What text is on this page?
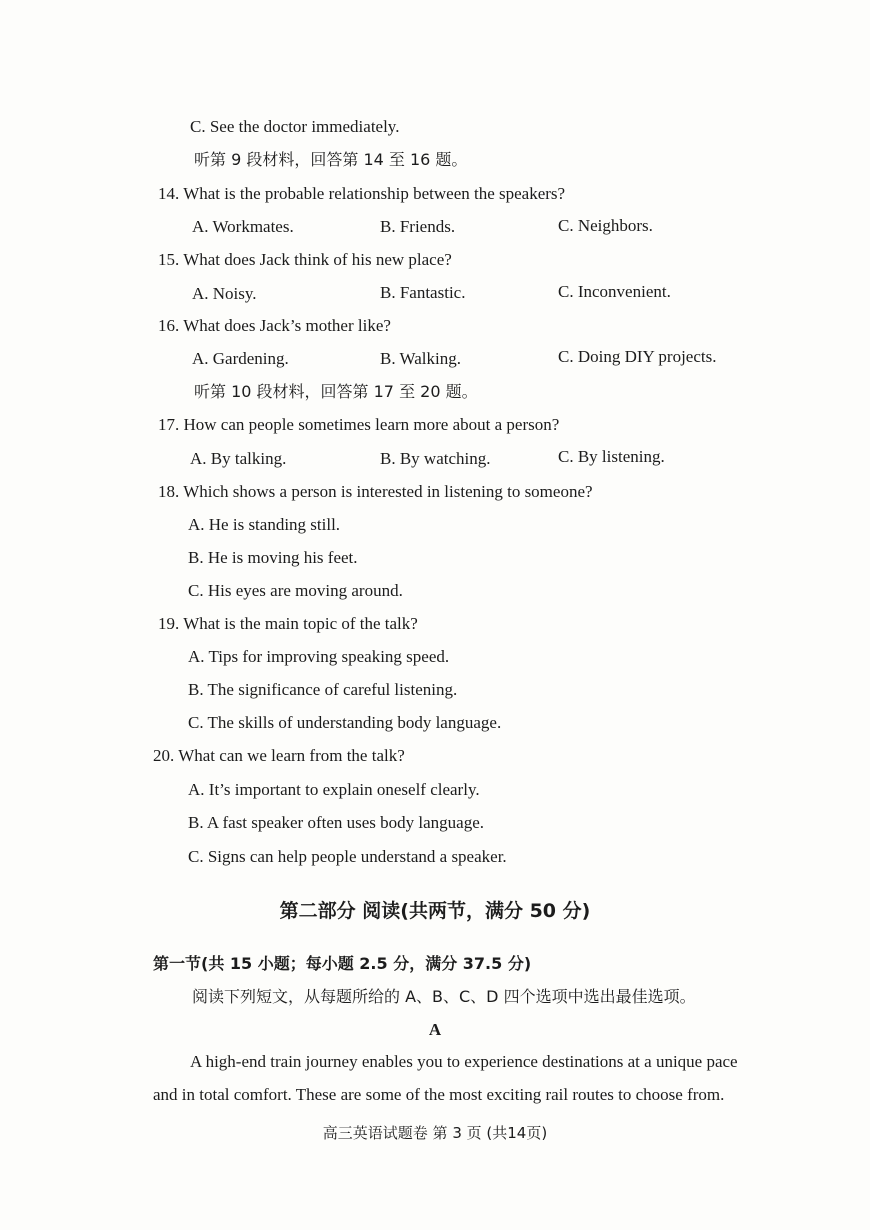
C. See the doctor immediately.
听第 9 段材料，回答第 14 至 16 题。
14. What is the probable relationship between the speakers?
A. Workmates.	B. Friends.	C. Neighbors.
15. What does Jack think of his new place?
A. Noisy.	B. Fantastic.	C. Inconvenient.
16. What does Jack’s mother like?
A. Gardening.	B. Walking.	C. Doing DIY projects.
听第 10 段材料，回答第 17 至 20 题。
17. How can people sometimes learn more about a person?
A. By talking.	B. By watching.	C. By listening.
18. Which shows a person is interested in listening to someone?
A. He is standing still.
B. He is moving his feet.
C. His eyes are moving around.
19. What is the main topic of the talk?
A. Tips for improving speaking speed.
B. The significance of careful listening.
C. The skills of understanding body language.
20. What can we learn from the talk?
A. It’s important to explain oneself clearly.
B. A fast speaker often uses body language.
C. Signs can help people understand a speaker.
第二部分 阅读(共两节，满分 50 分)
第一节(共 15 小题；每小题 2.5 分，满分 37.5 分)
阅读下列短文，从每题所给的 A、B、C、D 四个选项中选出最佳选项。
A
A high-end train journey enables you to experience destinations at a unique pace
and in total comfort. These are some of the most exciting rail routes to choose from.
高三英语试题卷 第 3 页 (共14页)
